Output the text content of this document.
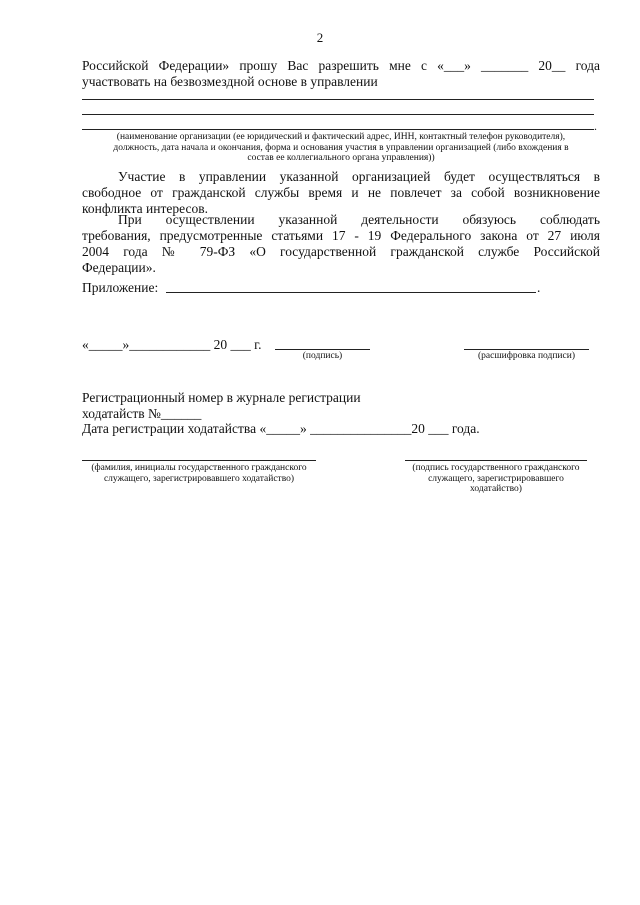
2
Российской Федерации» прошу Вас разрешить мне с «___» _______ 20__ года
участвовать на безвозмездной основе в управлении
.
(наименование организации (ее юридический и фактический адрес, ИНН, контактный телефон руководителя),
должность, дата начала и окончания, форма и основания участия в управлении организацией (либо вхождения в
состав ее коллегиального органа управления))
Участие в управлении указанной организацией будет осуществляться в
свободное от гражданской службы время и не повлечет за собой возникновение
конфликта интересов.
При осуществлении указанной деятельности обязуюсь соблюдать
требования, предусмотренные статьями 17 - 19 Федерального закона от 27 июля
2004 года № 79-ФЗ «О государственной гражданской службе Российской
Федерации».
Приложение:	.
«_____»____________ 20 ___ г.
(подпись)	(расшифровка подписи)
Регистрационный номер в журнале регистрации
ходатайств №______
Дата регистрации ходатайства «_____» _______________20 ___ года.
(фамилия, инициалы государственного гражданского
служащего, зарегистрировавшего ходатайство)
(подпись государственного гражданского
служащего, зарегистрировавшего
ходатайство)
